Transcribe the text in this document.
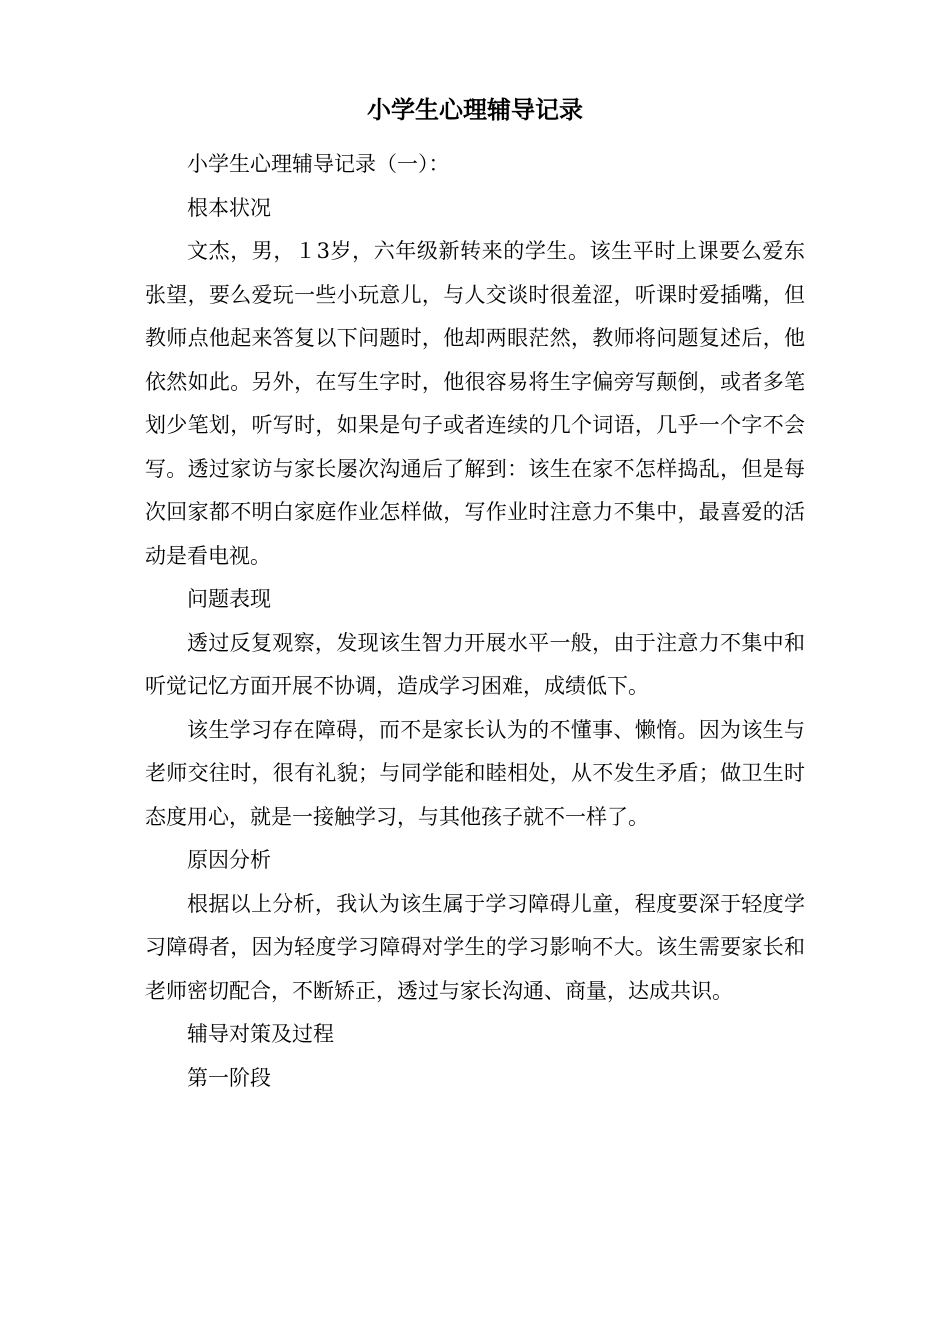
小学生心理辅导记录

小学生心理辅导记录（一）：

根本状况

文杰，男，１3岁，六年级新转来的学生。该生平时上课要么爱东张望，要么爱玩一些小玩意儿，与人交谈时很羞涩，听课时爱插嘴，但教师点他起来答复以下问题时，他却两眼茫然，教师将问题复述后，他依然如此。另外，在写生字时，他很容易将生字偏旁写颠倒，或者多笔划少笔划，听写时，如果是句子或者连续的几个词语，几乎一个字不会写。透过家访与家长屡次沟通后了解到：该生在家不怎样捣乱，但是每次回家都不明白家庭作业怎样做，写作业时注意力不集中，最喜爱的活动是看电视。

问题表现

透过反复观察，发现该生智力开展水平一般，由于注意力不集中和听觉记忆方面开展不协调，造成学习困难，成绩低下。

该生学习存在障碍，而不是家长认为的不懂事、懒惰。因为该生与老师交往时，很有礼貌；与同学能和睦相处，从不发生矛盾；做卫生时态度用心，就是一接触学习，与其他孩子就不一样了。

原因分析

根据以上分析，我认为该生属于学习障碍儿童，程度要深于轻度学习障碍者，因为轻度学习障碍对学生的学习影响不大。该生需要家长和老师密切配合，不断矫正，透过与家长沟通、商量，达成共识。

辅导对策及过程

第一阶段
